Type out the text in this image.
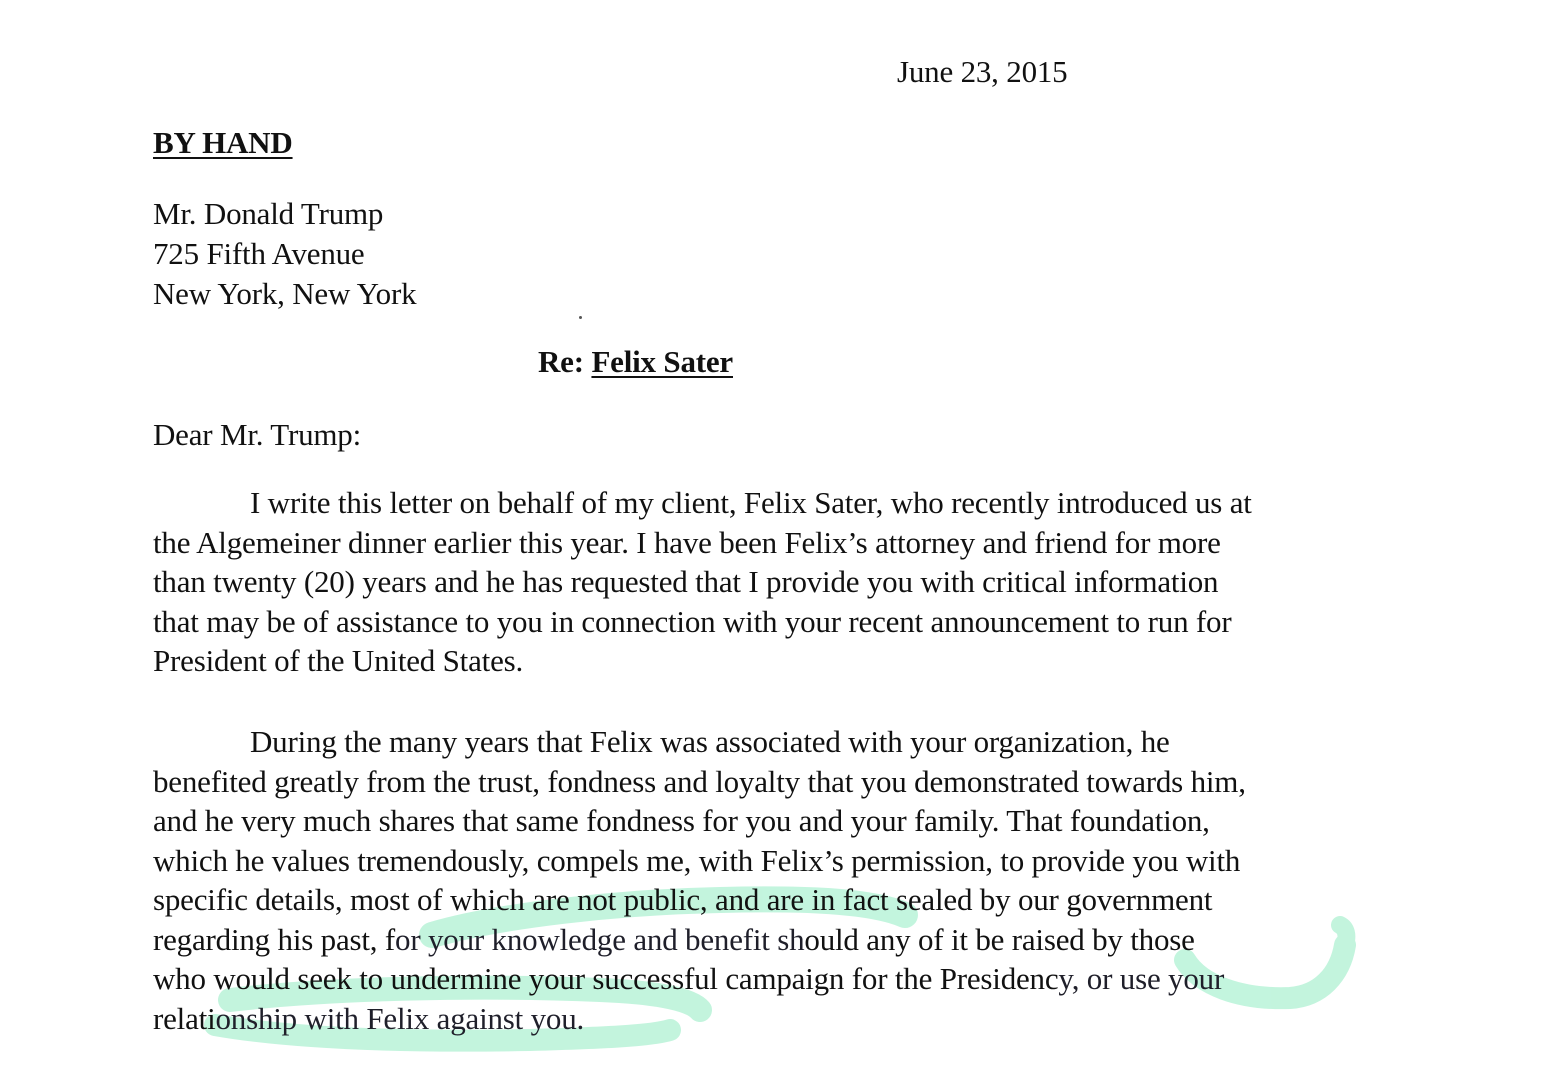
June 23, 2015
BY HAND
Mr. Donald Trump
725 Fifth Avenue
New York, New York
Re: Felix Sater
Dear Mr. Trump:
I write this letter on behalf of my client, Felix Sater, who recently introduced us at
the Algemeiner dinner earlier this year. I have been Felix’s attorney and friend for more
than twenty (20) years and he has requested that I provide you with critical information
that may be of assistance to you in connection with your recent announcement to run for
President of the United States.
During the many years that Felix was associated with your organization, he
benefited greatly from the trust, fondness and loyalty that you demonstrated towards him,
and he very much shares that same fondness for you and your family. That foundation,
which he values tremendously, compels me, with Felix’s permission, to provide you with
specific details, most of which are not public, and are in fact sealed by our government
regarding his past, for your knowledge and benefit should any of it be raised by those
who would seek to undermine your successful campaign for the Presidency, or use your
relationship with Felix against you.
